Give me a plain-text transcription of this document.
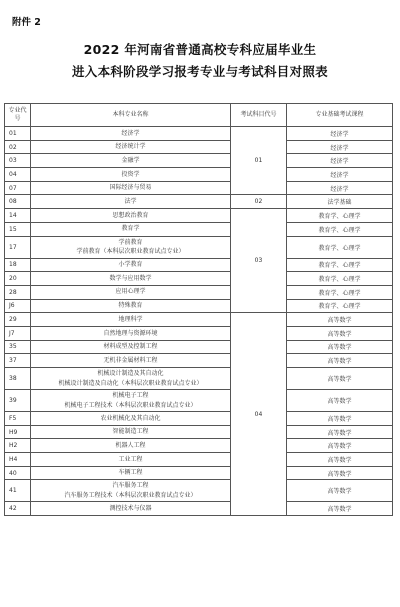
附件 2
2022 年河南省普通高校专科应届毕业生
进入本科阶段学习报考专业与考试科目对照表
专业代号	本科专业名称	考试科目代号	专业基础考试课程
01	经济学	01	经济学
02	经济统计学		经济学
03	金融学		经济学
04	投资学		经济学
07	国际经济与贸易		经济学
08	法学	02	法学基础
14	思想政治教育	03	教育学、心理学
15	教育学		教育学、心理学
17	学前教育
学前教育（本科层次职业教育试点专业）		教育学、心理学
18	小学教育		教育学、心理学
20	数学与应用数学		教育学、心理学
28	应用心理学		教育学、心理学
J6	特殊教育		教育学、心理学
29	地理科学	04	高等数学
J7	自然地理与资源环境		高等数学
35	材料成型及控制工程		高等数学
37	无机非金属材料工程		高等数学
38	机械设计制造及其自动化
机械设计制造及自动化（本科层次职业教育试点专业）		高等数学
39	机械电子工程
机械电子工程技术（本科层次职业教育试点专业）		高等数学
F5	农业机械化及其自动化		高等数学
H9	智能制造工程		高等数学
H2	机器人工程		高等数学
H4	工业工程		高等数学
40	车辆工程		高等数学
41	汽车服务工程
汽车服务工程技术（本科层次职业教育试点专业）		高等数学
42	测控技术与仪器		高等数学
